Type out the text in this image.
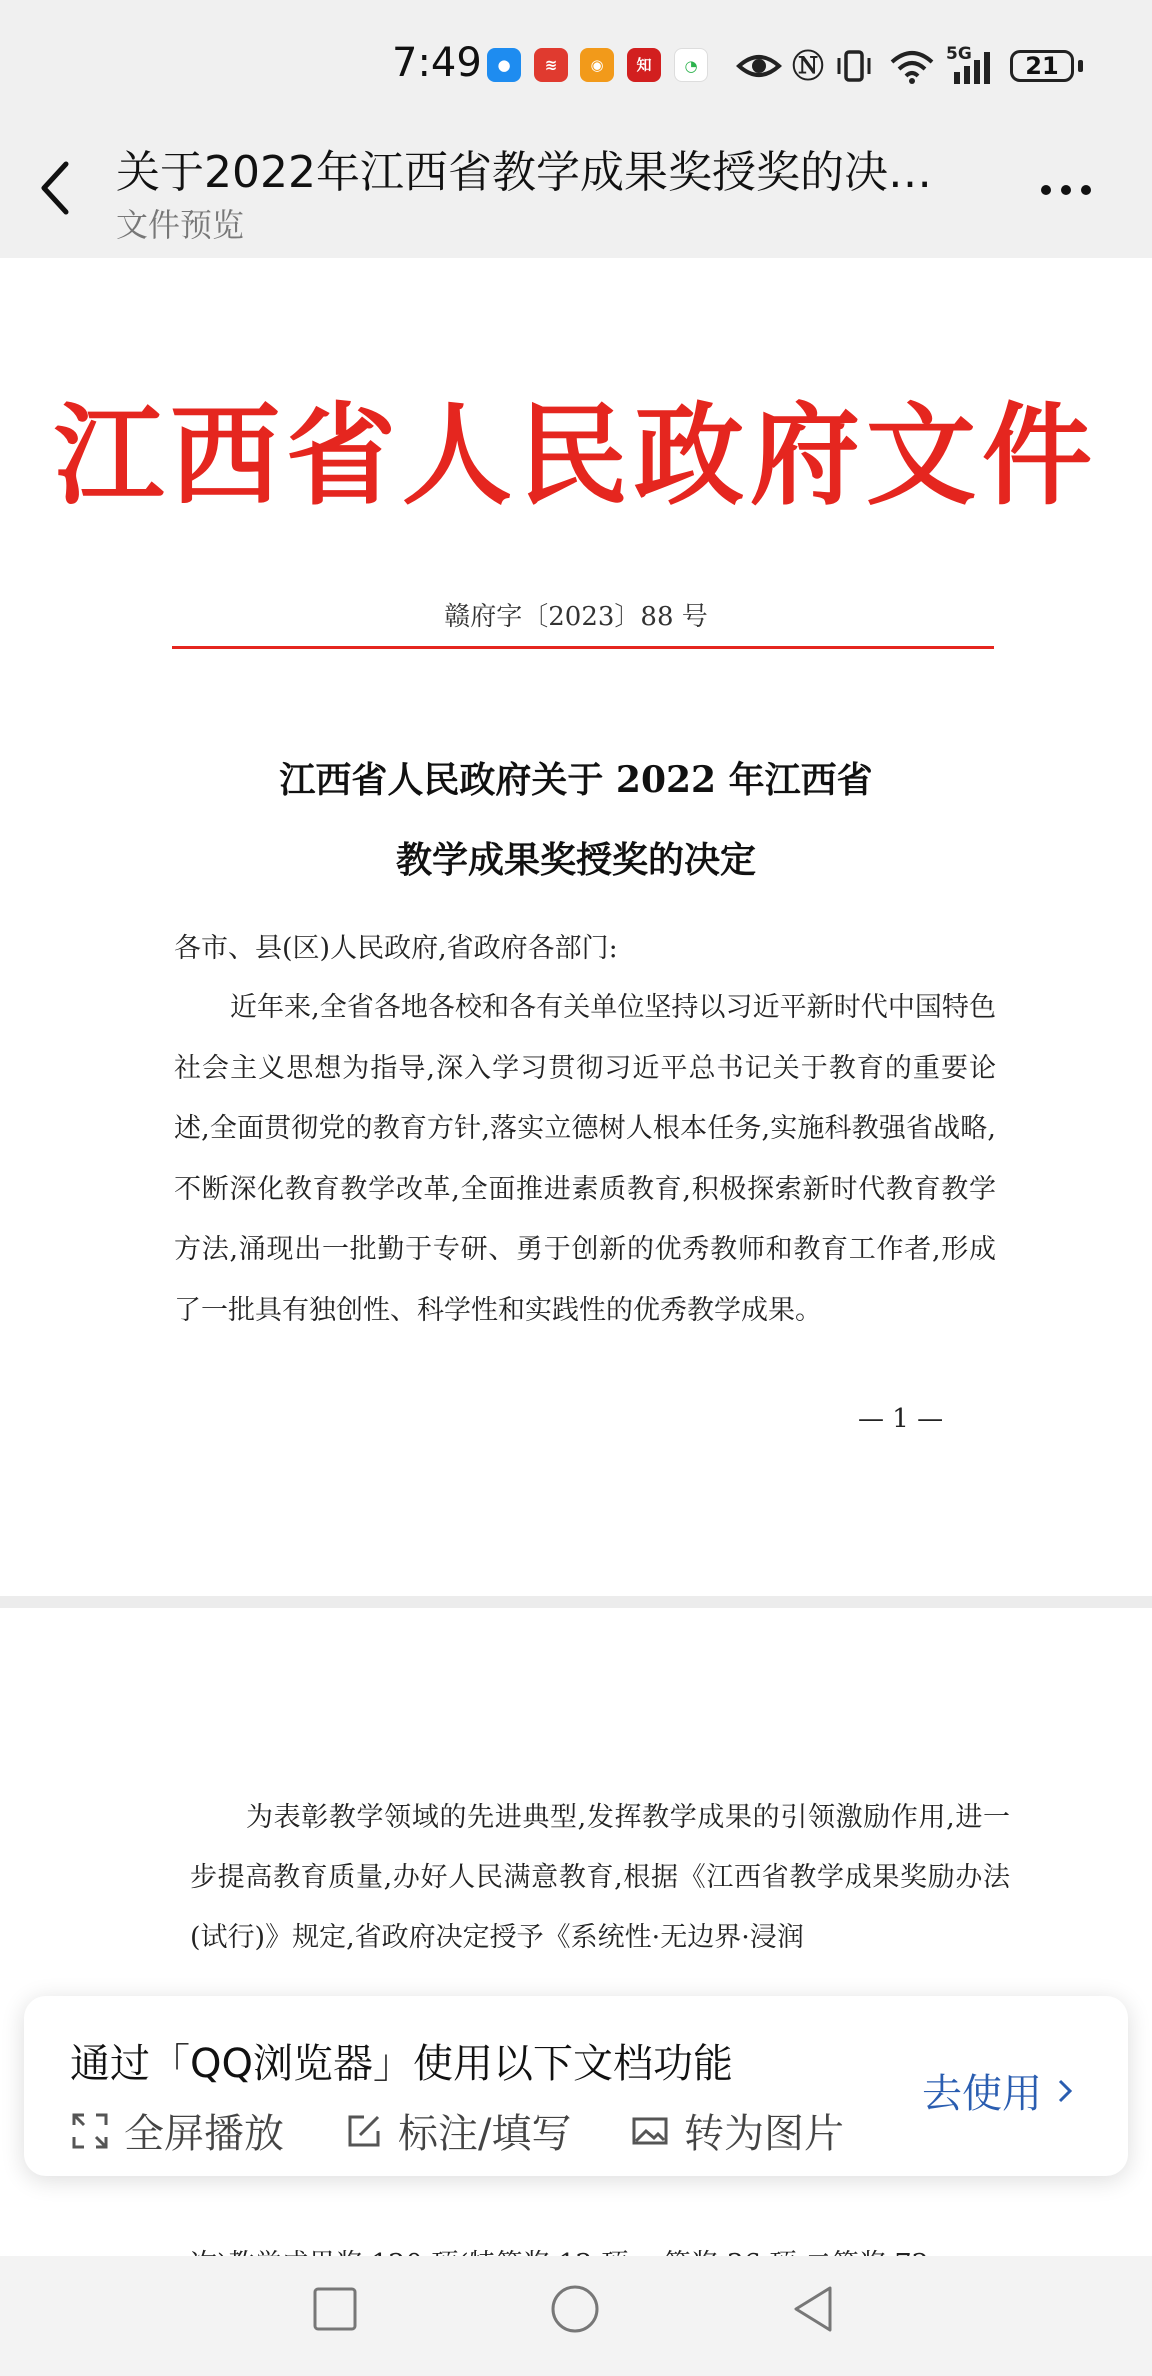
7:49	●	≋	◉	知	◔	Ⓝ	5G	21
关于2022年江西省教学成果奖授奖的决…
文件预览
江西省人民政府文件
赣府字〔2023〕88 号
江西省人民政府关于 2022 年江西省
教学成果奖授奖的决定
各市、县(区)人民政府,省政府各部门:
近年来,全省各地各校和各有关单位坚持以习近平新时代中国特色社会主义思想为指导,深入学习贯彻习近平总书记关于教育的重要论述,全面贯彻党的教育方针,落实立德树人根本任务,实施科教强省战略,不断深化教育教学改革,全面推进素质教育,积极探索新时代教育教学方法,涌现出一批勤于专研、勇于创新的优秀教师和教育工作者,形成了一批具有独创性、科学性和实践性的优秀教学成果。
— 1 —
为表彰教学领域的先进典型,发挥教学成果的引领激励作用,进一步提高教育质量,办好人民满意教育,根据《江西省教学成果奖励办法(试行)》规定,省政府决定授予《系统性·无边界·浸润
通过「QQ浏览器」使用以下文档功能
全屏播放	标注/填写	转为图片
去使用
